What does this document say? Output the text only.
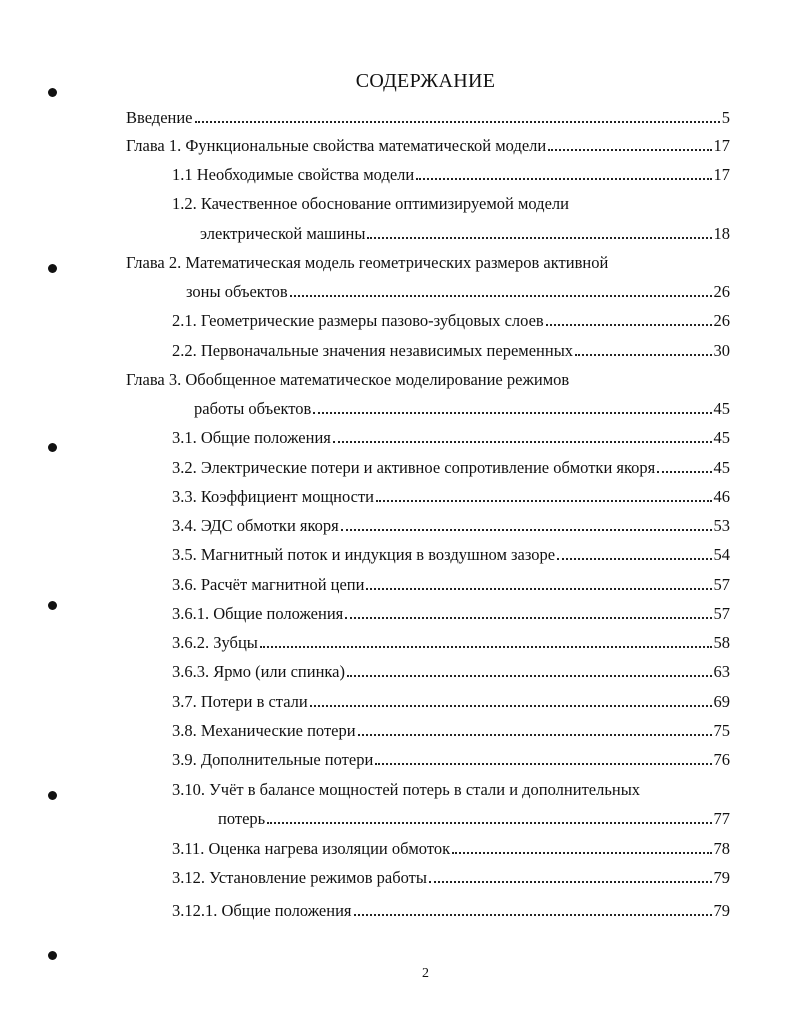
СОДЕРЖАНИЕ
Введение	5
Глава 1. Функциональные свойства математической модели	17
1.1 Необходимые свойства модели	17
1.2. Качественное обоснование оптимизируемой модели
электрической машины	18
Глава 2. Математическая модель геометрических размеров активной
зоны объектов	26
2.1. Геометрические размеры пазово-зубцовых слоев	26
2.2. Первоначальные значения независимых переменных	30
Глава 3. Обобщенное математическое моделирование режимов
работы объектов	45
3.1. Общие положения	45
3.2. Электрические потери и активное сопротивление обмотки якоря	45
3.3. Коэффициент мощности	46
3.4. ЭДС обмотки якоря	53
3.5. Магнитный поток и индукция в воздушном зазоре	54
3.6. Расчёт магнитной цепи	57
3.6.1. Общие положения	57
3.6.2. Зубцы	58
3.6.3. Ярмо (или спинка)	63
3.7. Потери в стали	69
3.8. Механические потери	75
3.9. Дополнительные потери	76
3.10. Учёт в балансе мощностей потерь в стали и дополнительных
потерь	77
3.11. Оценка нагрева изоляции обмоток	78
3.12. Установление режимов работы	79
3.12.1. Общие положения	79
2
